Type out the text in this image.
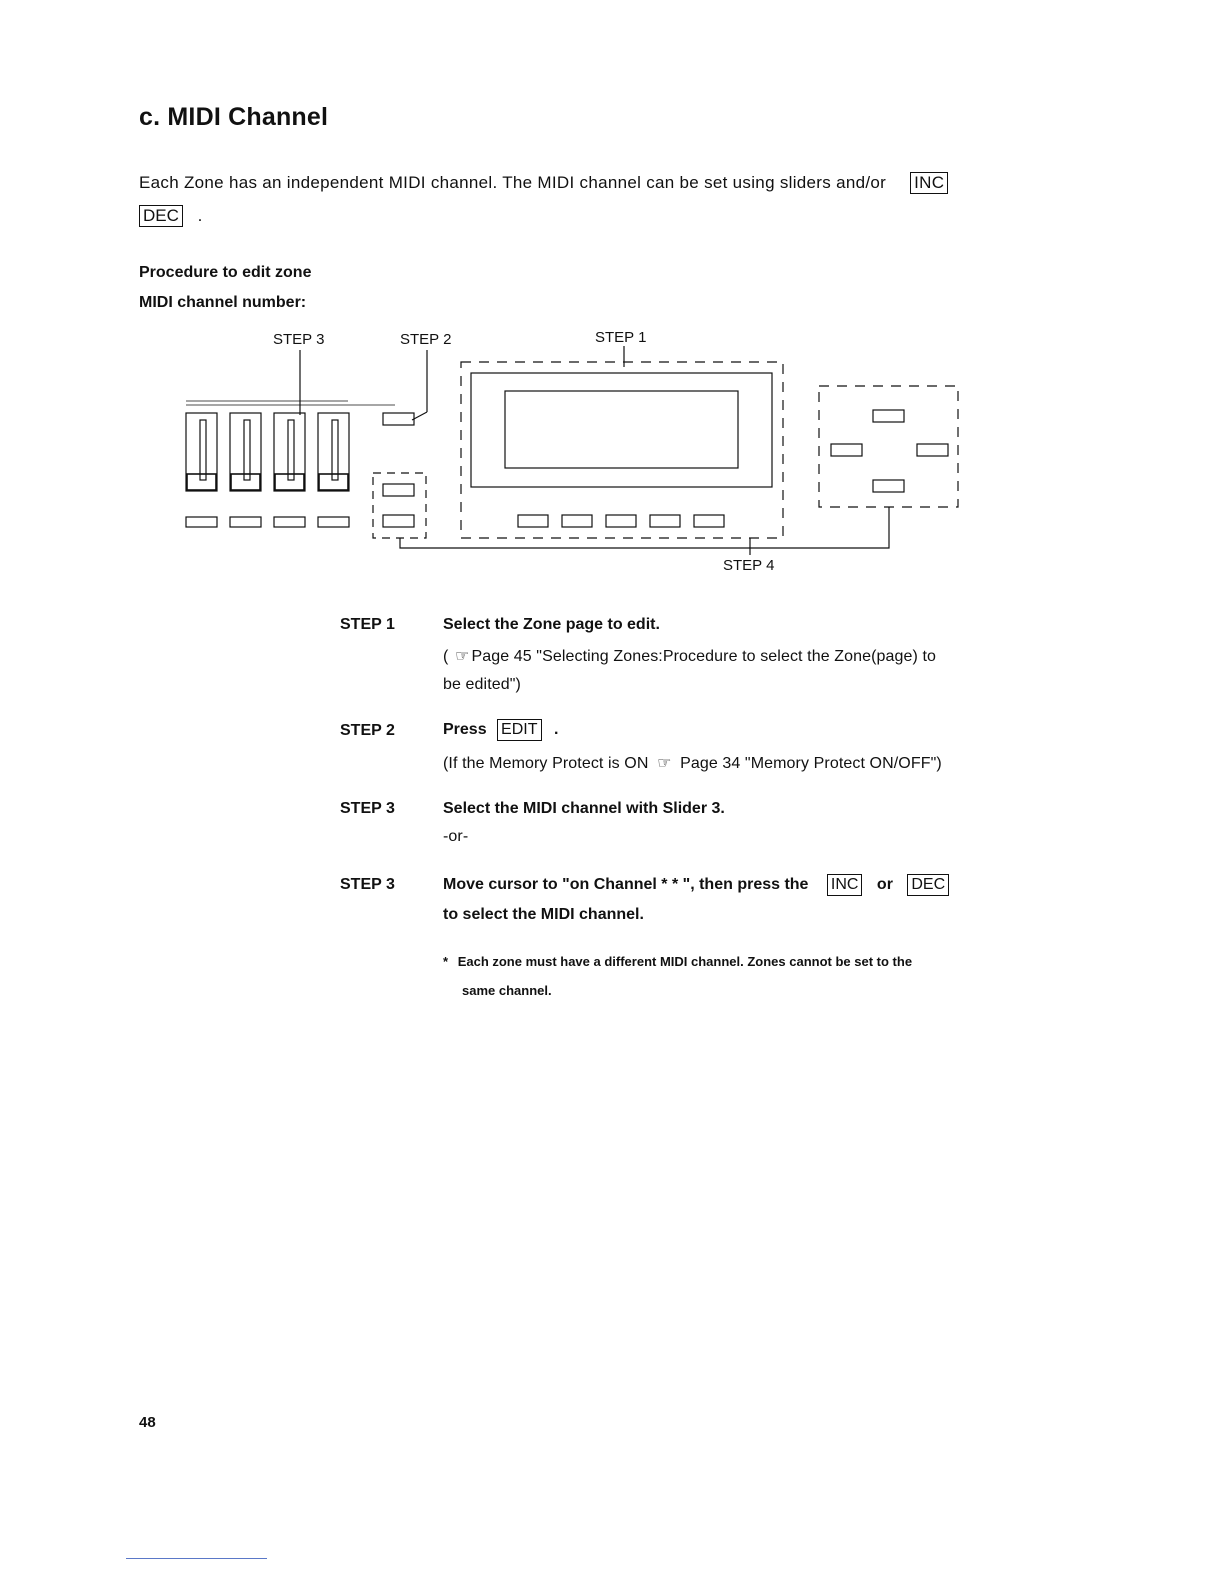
c. MIDI Channel
Each Zone has an independent MIDI channel. The MIDI channel can be set using sliders and/or INC
DEC .
Procedure to edit zone
MIDI channel number:
STEP 3	STEP 2	STEP 1
STEP 4
STEP 1	Select the Zone page to edit.
( ☞ Page 45 "Selecting Zones:Procedure to select the Zone(page) to
be edited")
STEP 2	Press EDIT .
(If the Memory Protect is ON ☞ Page 34 "Memory Protect ON/OFF")
STEP 3	Select the MIDI channel with Slider 3.
-or-
STEP 3	Move cursor to "on Channel * * ", then press the INC or DEC
to select the MIDI channel.
* Each zone must have a different MIDI channel. Zones cannot be set to the
same channel.
48
